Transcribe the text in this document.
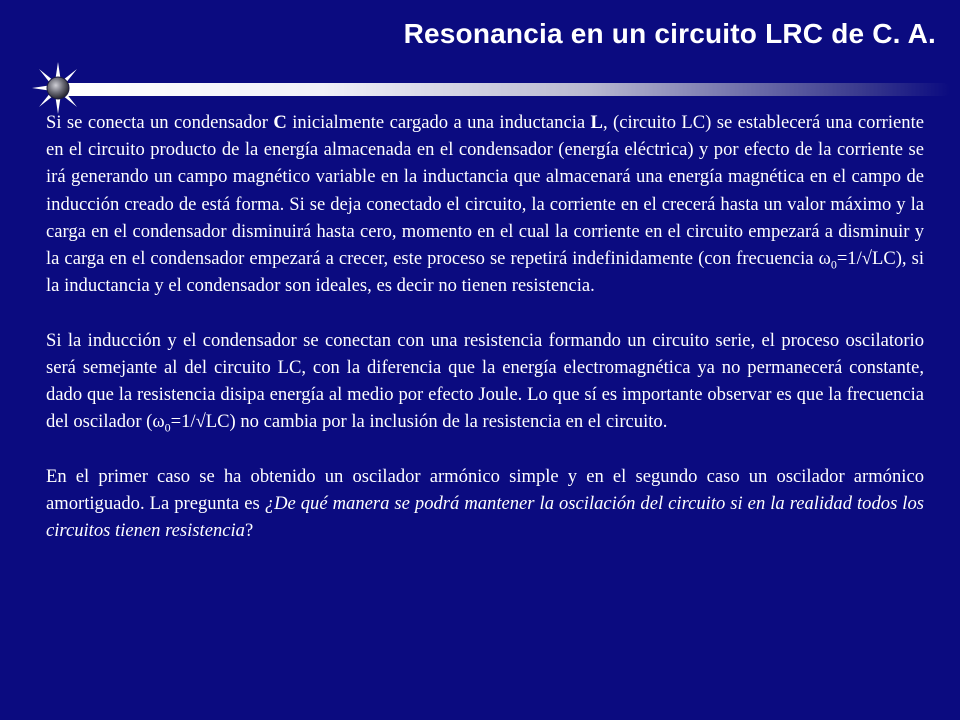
Resonancia en un circuito LRC de C. A.

Si se conecta un condensador C inicialmente cargado a una inductancia L, (circuito LC) se establecerá una corriente en el circuito producto de la energía almacenada en el condensador (energía eléctrica) y por efecto de la corriente se irá generando un campo magnético variable en la inductancia que almacenará una energía magnética en el campo de inducción creado de está forma. Si se deja conectado el circuito, la corriente en el crecerá hasta un valor máximo y la carga en el condensador disminuirá hasta cero, momento en el cual la corriente en el circuito empezará a disminuir y la carga en el condensador empezará a crecer, este proceso se repetirá indefinidamente (con frecuencia $\omega_0=1/√LC$), si la inductancia y el condensador son ideales, es decir no tienen resistencia.

Si la inducción y el condensador se conectan con una resistencia formando un circuito serie, el proceso oscilatorio será semejante al del circuito LC, con la diferencia que la energía electromagnética ya no permanecerá constante, dado que la resistencia disipa energía al medio por efecto Joule. Lo que sí es importante observar es que la frecuencia del oscilador $(\omega_0=1/√LC)$ no cambia por la inclusión de la resistencia en el circuito.

En el primer caso se ha obtenido un oscilador armónico simple y en el segundo caso un oscilador armónico amortiguado. La pregunta es ¿De qué manera se podrá mantener la oscilación del circuito si en la realidad todos los circuitos tienen resistencia?
